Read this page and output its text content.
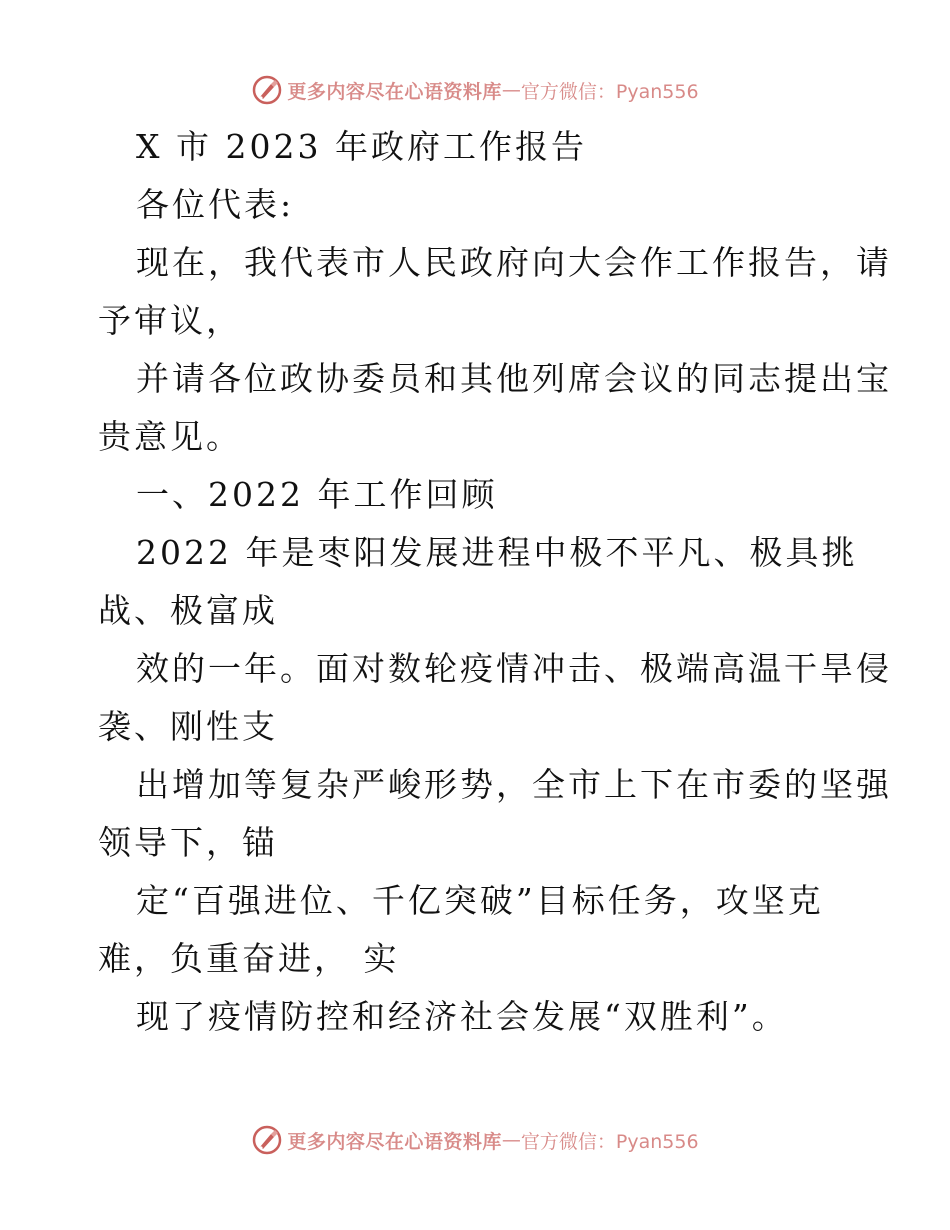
更多内容尽在心语资料库 — 官方微信：Pyan556

X 市 2023 年政府工作报告

各位代表:

现在，我代表市人民政府向大会作工作报告，请

予审议，

并请各位政协委员和其他列席会议的同志提出宝

贵意见。

一、2022 年工作回顾

2022 年是枣阳发展进程中极不平凡、极具挑

战、极富成

效的一年。面对数轮疫情冲击、极端高温干旱侵

袭、刚性支

出增加等复杂严峻形势，全市上下在市委的坚强

领导下，锚

定“百强进位、千亿突破”目标任务，攻坚克

难，负重奋进， 实

现了疫情防控和经济社会发展“双胜利”。

更多内容尽在心语资料库 — 官方微信：Pyan556
